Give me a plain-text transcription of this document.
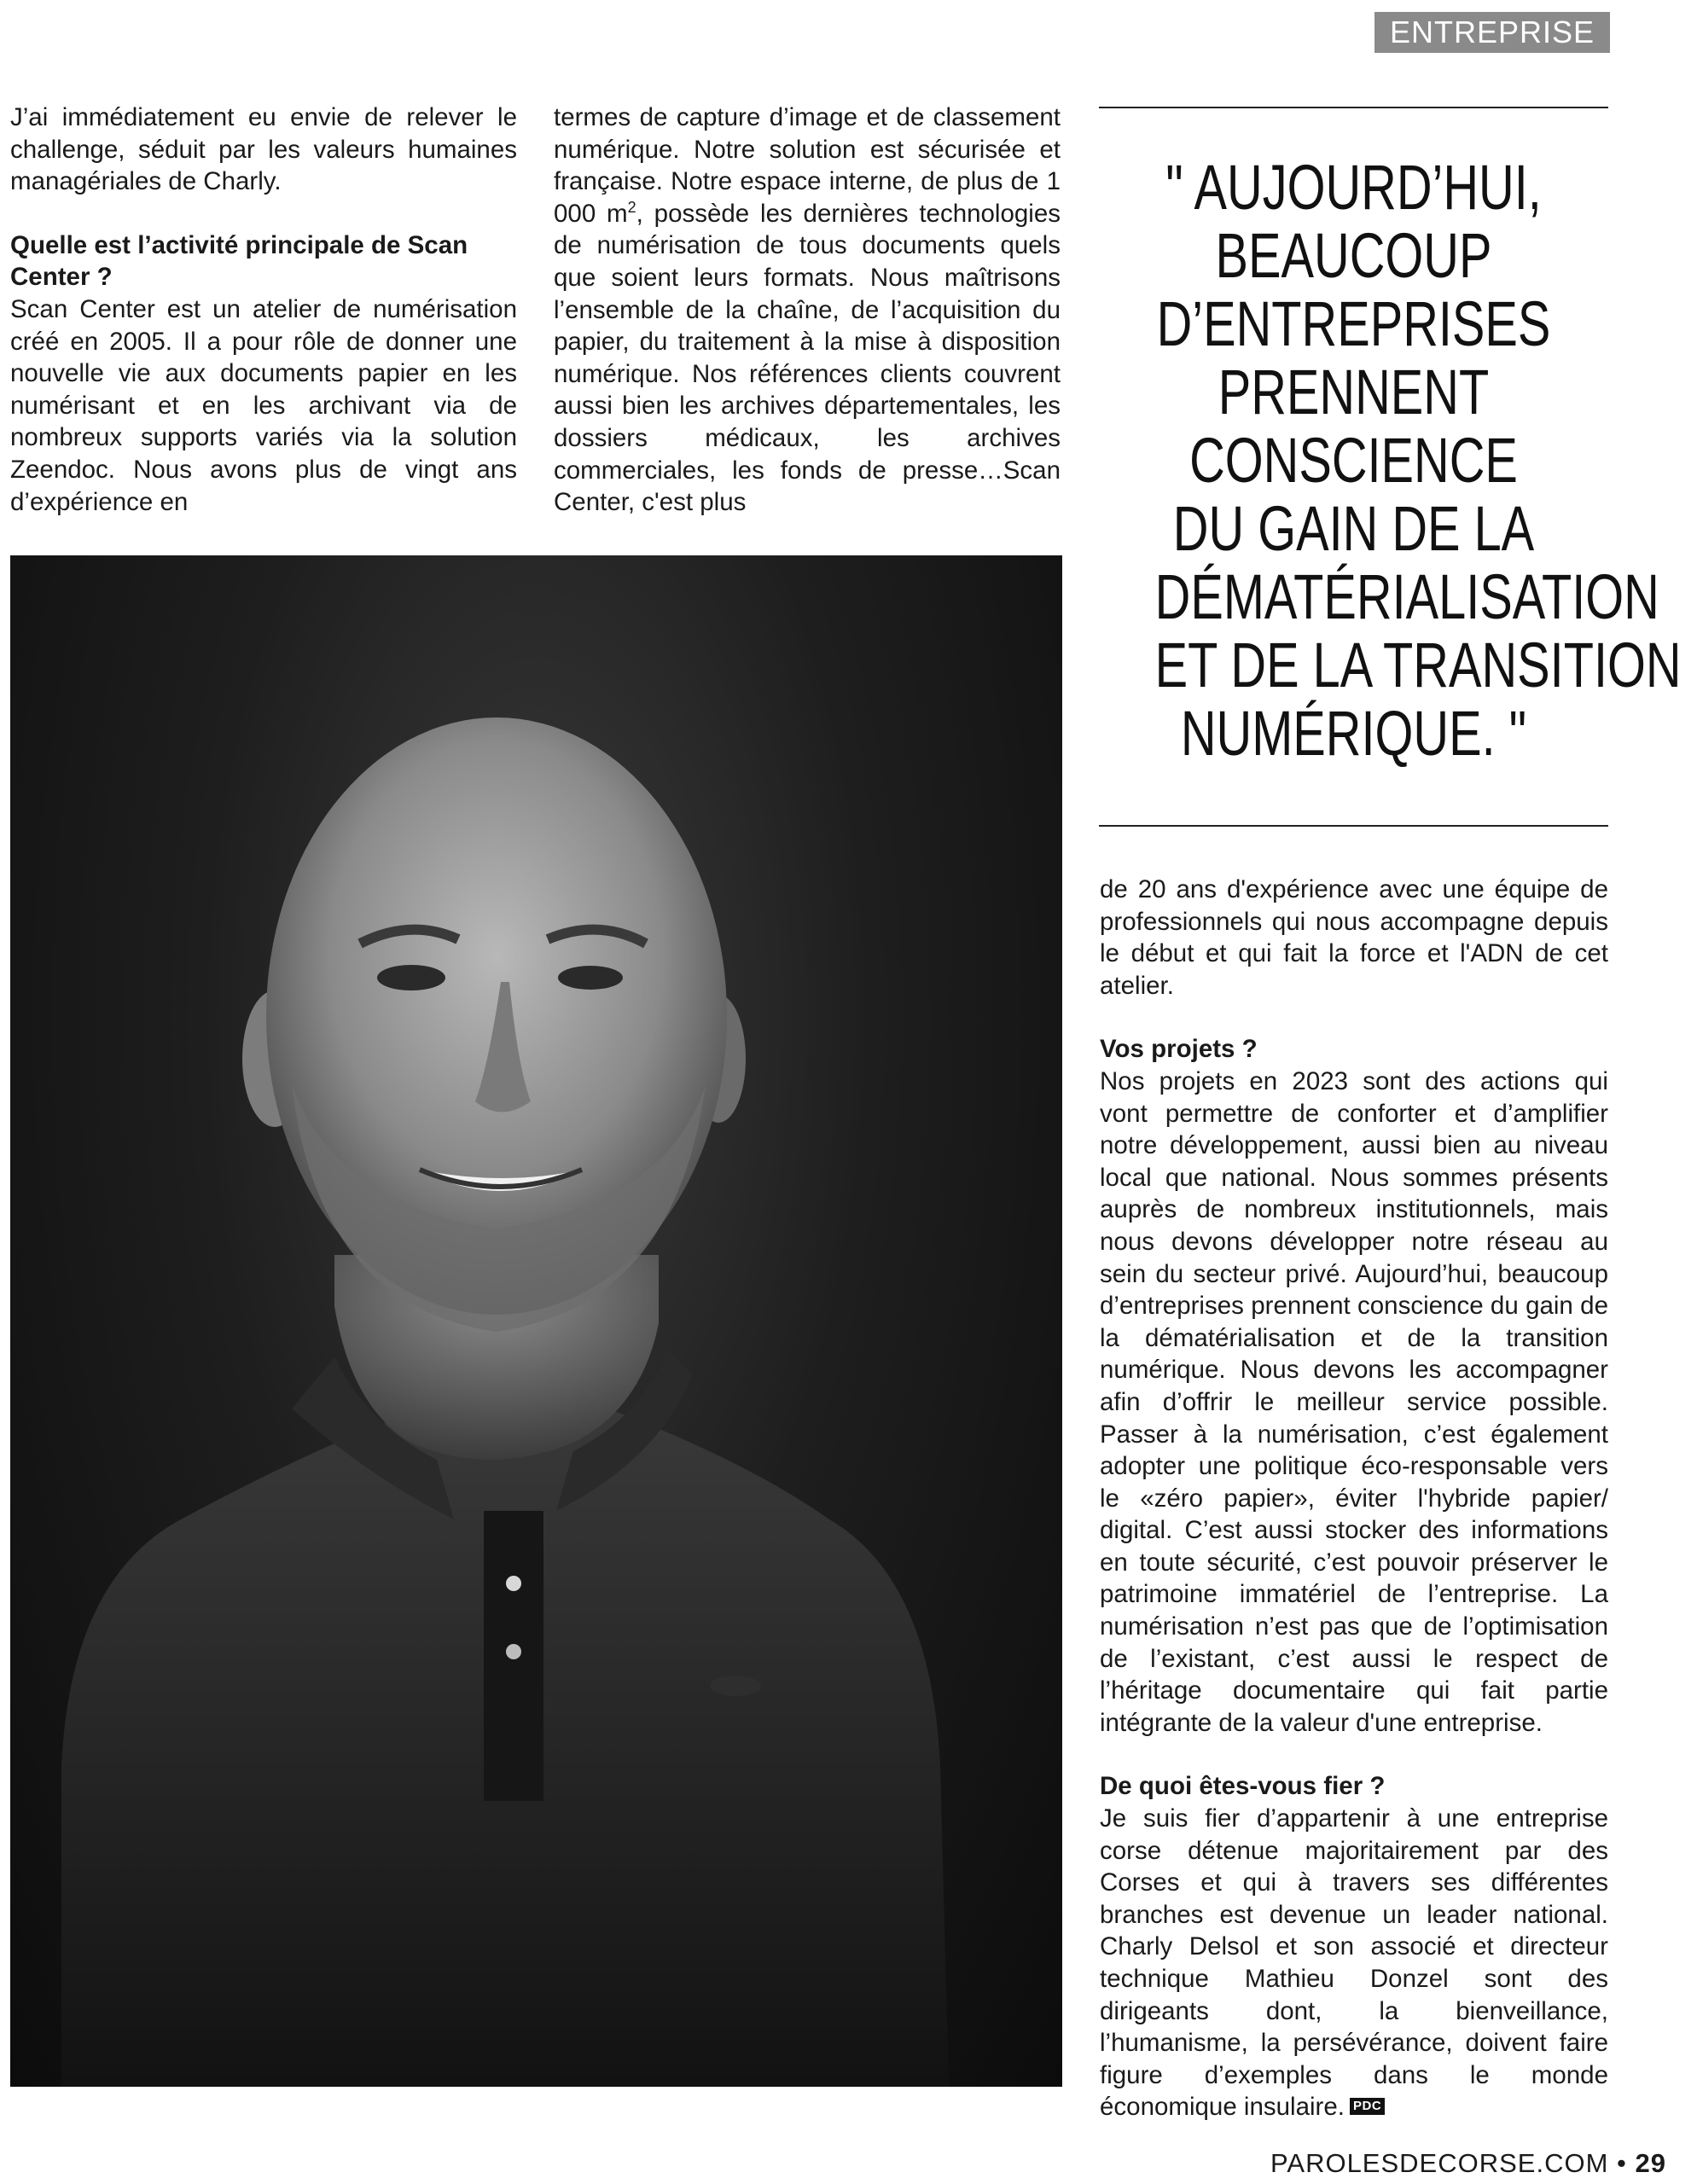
ENTREPRISE

J’ai immédiatement eu envie de relever le challenge, séduit par les valeurs humaines managériales de Charly.

Quelle est l’activité principale de Scan Center ?

Scan Center est un atelier de numérisation créé en 2005. Il a pour rôle de donner une nouvelle vie aux documents papier en les numérisant et en les archivant via de nombreux supports variés via la solution Zeendoc. Nous avons plus de vingt ans d’expérience en

termes de capture d’image et de classement numérique. Notre solution est sécurisée et française. Notre espace interne, de plus de 1 000 $m^2$, possède les dernières technologies de numérisation de tous documents quels que soient leurs formats. Nous maîtrisons l’ensemble de la chaîne, de l’acquisition du papier, du traitement à la mise à disposition numérique. Nos références clients couvrent aussi bien les archives départementales, les dossiers médicaux, les archives commerciales, les fonds de presse…Scan Center, c'est plus

" AUJOURD’HUI,
BEAUCOUP
D’ENTREPRISES
PRENNENT
CONSCIENCE
DU GAIN DE LA
DÉMATÉRIALISATION
ET DE LA TRANSITION
NUMÉRIQUE. "

de 20 ans d'expérience avec une équipe de professionnels qui nous accompagne depuis le début et qui fait la force et l'ADN de cet atelier.

Vos projets ?

Nos projets en 2023 sont des actions qui vont permettre de conforter et d’amplifier notre développement, aussi bien au niveau local que national. Nous sommes présents auprès de nombreux institutionnels, mais nous devons développer notre réseau au sein du secteur privé. Aujourd’hui, beaucoup d’entreprises prennent conscience du gain de la dématérialisation et de la transition numérique. Nous devons les accompagner afin d’offrir le meilleur service possible. Passer à la numérisation, c’est également adopter une politique éco-responsable vers le «zéro papier», éviter l'hybride papier/ digital. C’est aussi stocker des informations en toute sécurité, c’est pouvoir préserver le patrimoine immatériel de l’entreprise. La numérisation n’est pas que de l’optimisation de l’existant, c’est aussi le respect de l’héritage documentaire qui fait partie intégrante de la valeur d'une entreprise.

De quoi êtes-vous fier ?

Je suis fier d’appartenir à une entreprise corse détenue majoritairement par des Corses et qui à travers ses différentes branches est devenue un leader national. Charly Delsol et son associé et directeur technique Mathieu Donzel sont des dirigeants dont, la bienveillance, l’humanisme, la persévérance, doivent faire figure d’exemples dans le monde économique insulaire. PDC

PAROLESDECORSE.COM • 29
